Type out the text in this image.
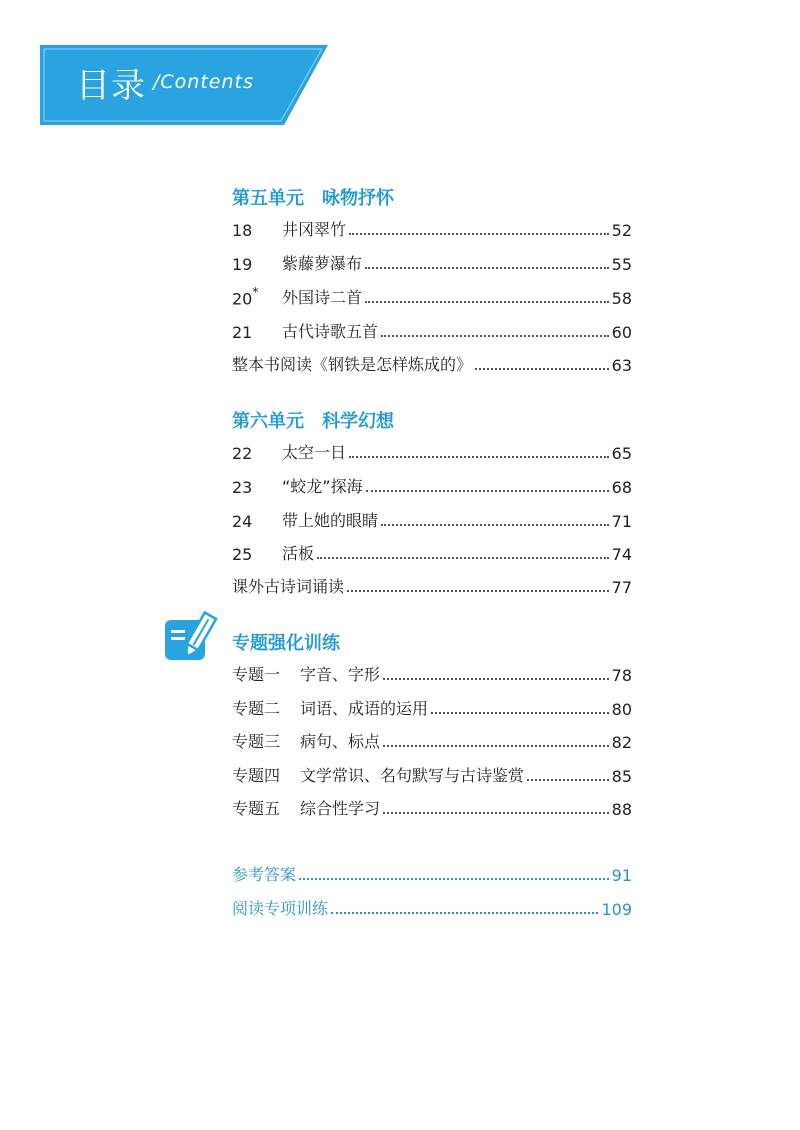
目录 /Contents
第五单元　咏物抒怀
18	井冈翠竹	52
19	紫藤萝瀑布	55
20*	外国诗二首	58
21	古代诗歌五首	60
整本书阅读《钢铁是怎样炼成的》	63
第六单元　科学幻想
22	太空一日	65
23	“蛟龙”探海	68
24	带上她的眼睛	71
25	活板	74
课外古诗词诵读	77
专题强化训练
专题一	字音、字形	78
专题二	词语、成语的运用	80
专题三	病句、标点	82
专题四	文学常识、名句默写与古诗鉴赏	85
专题五	综合性学习	88
参考答案	91
阅读专项训练	109
